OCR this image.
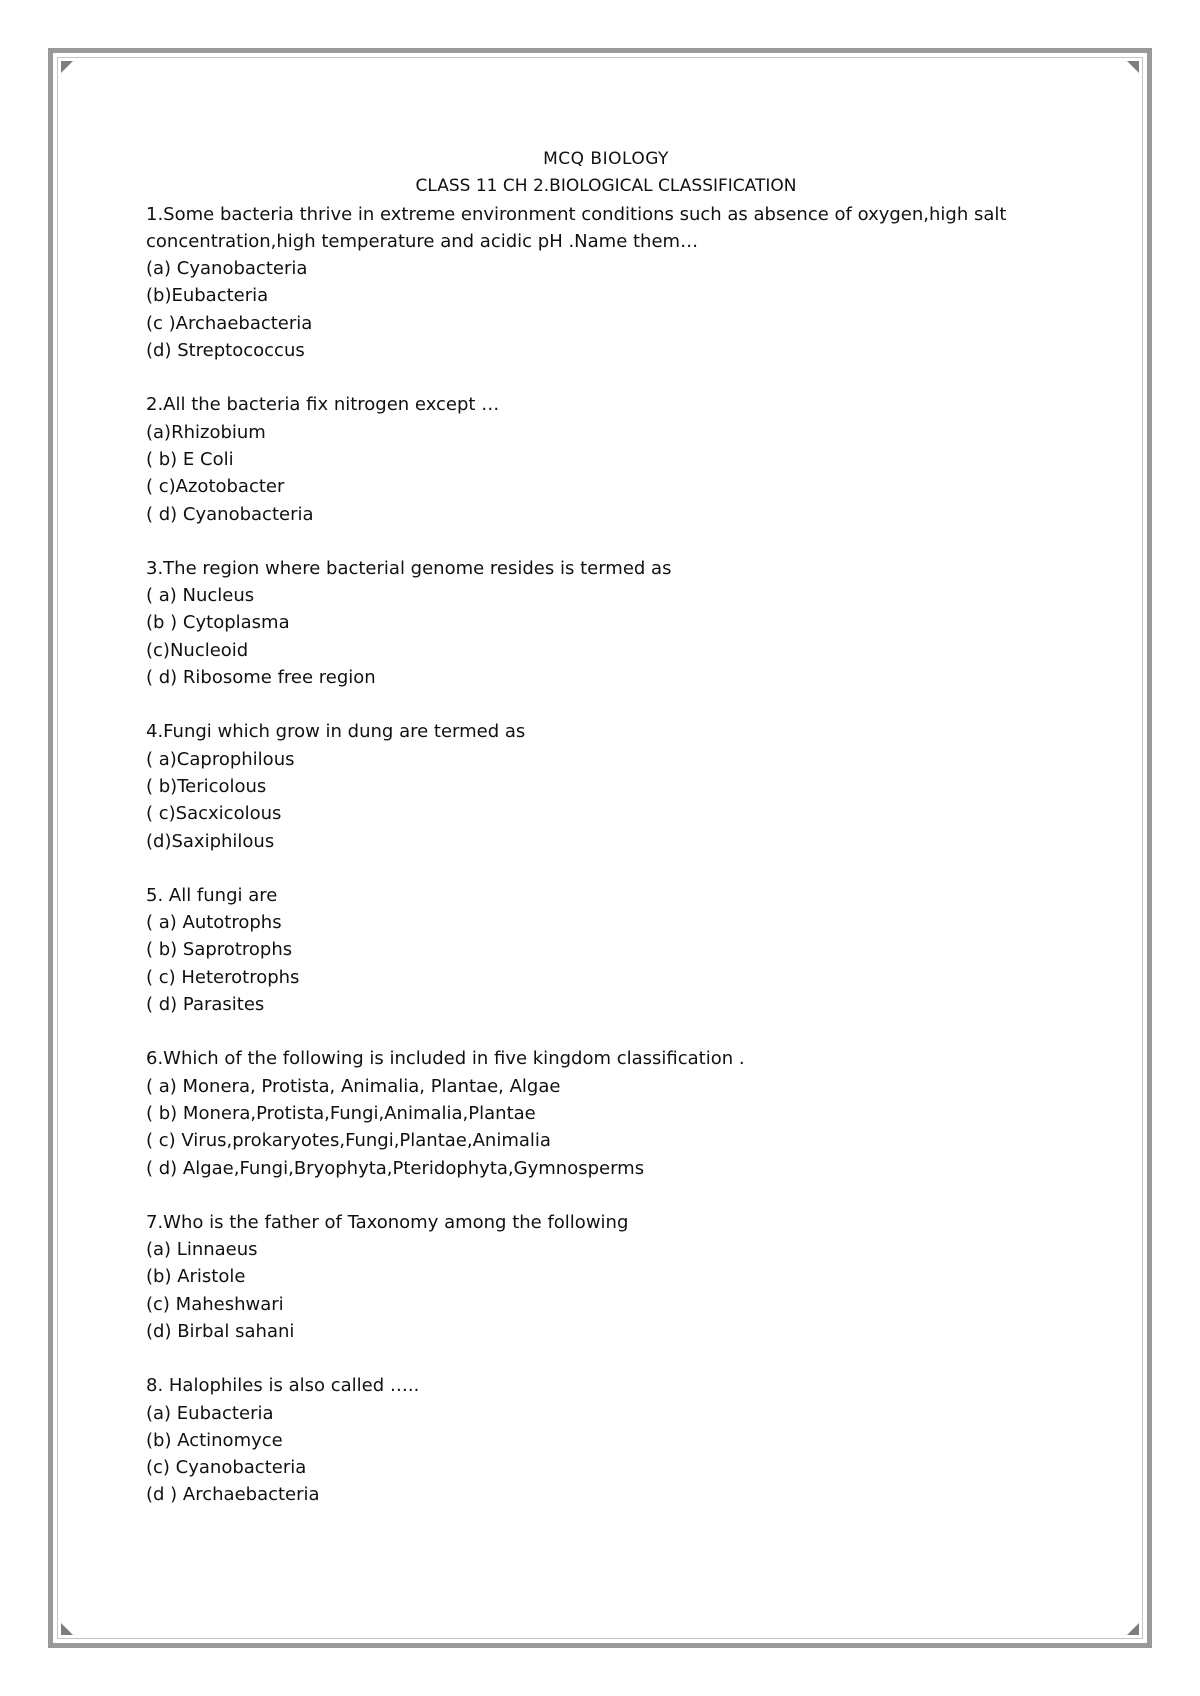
MCQ BIOLOGY

CLASS 11 CH 2.BIOLOGICAL CLASSIFICATION

1.Some bacteria thrive in extreme environment conditions such as absence of oxygen,high salt concentration,high temperature and acidic pH .Name them…

(a) Cyanobacteria

(b)Eubacteria

(c )Archaebacteria

(d) Streptococcus

2.All the bacteria fix nitrogen except …

(a)Rhizobium

( b) E Coli

( c)Azotobacter

( d) Cyanobacteria

3.The region where bacterial genome resides is termed as

( a) Nucleus

(b ) Cytoplasma

(c)Nucleoid

( d) Ribosome free region

4.Fungi which grow in dung are termed as

( a)Caprophilous

( b)Tericolous

( c)Sacxicolous

(d)Saxiphilous

5. All fungi are

( a) Autotrophs

( b) Saprotrophs

( c) Heterotrophs

( d) Parasites

6.Which of the following is included in five kingdom classification .

( a) Monera, Protista, Animalia, Plantae, Algae

( b) Monera,Protista,Fungi,Animalia,Plantae

( c) Virus,prokaryotes,Fungi,Plantae,Animalia

( d) Algae,Fungi,Bryophyta,Pteridophyta,Gymnosperms

7.Who is the father of Taxonomy among the following

(a) Linnaeus

(b) Aristole

(c) Maheshwari

(d) Birbal sahani

8. Halophiles is also called …..

(a) Eubacteria

(b) Actinomyce

(c) Cyanobacteria

(d ) Archaebacteria
